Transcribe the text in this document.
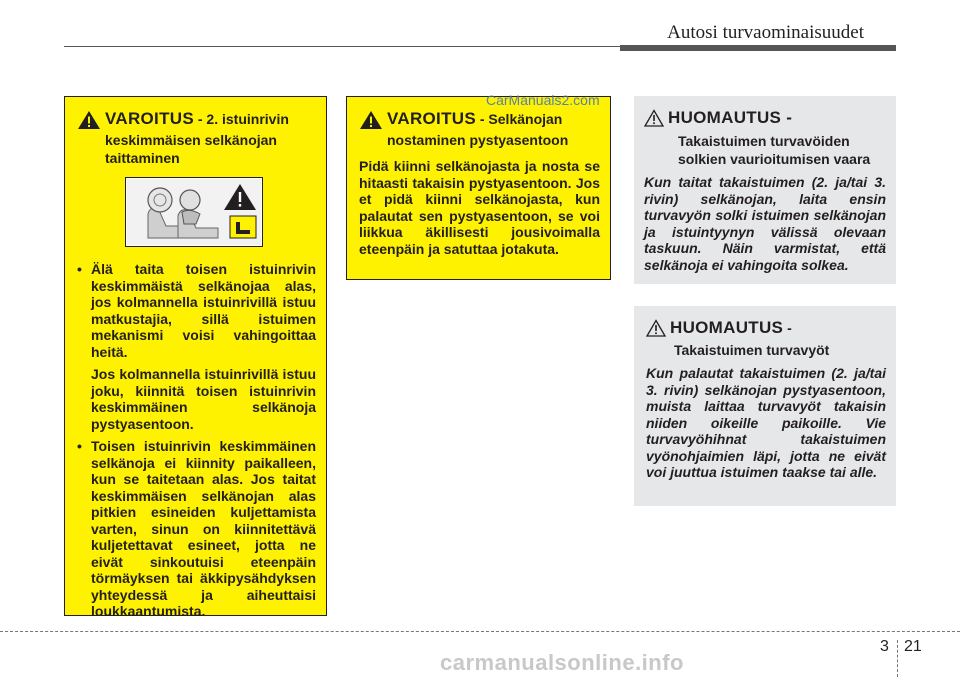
Autosi turvaominaisuudet
VAROITUS - 2. istuinrivin
keskimmäisen selkänojan
taittaminen
• Älä taita toisen istuinrivin keskimmäistä selkänojaa alas, jos kolmannella istuinrivillä istuu matkustajia, sillä istuimen mekanismi voisi vahingoittaa heitä.
Jos kolmannella istuinrivillä istuu joku, kiinnitä toisen istuinrivin keskimmäinen selkänoja pystyasentoon.
• Toisen istuinrivin keskimmäinen selkänoja ei kiinnity paikalleen, kun se taitetaan alas. Jos taitat keskimmäisen selkänojan alas pitkien esineiden kuljettamista varten, sinun on kiinnitettävä kuljetettavat esineet, jotta ne eivät sinkoutuisi eteenpäin törmäyksen tai äkkipysähdyksen yhteydessä ja aiheuttaisi loukkaantumista.
VAROITUS - Selkänojan
nostaminen pystyasentoon
Pidä kiinni selkänojasta ja nosta se hitaasti takaisin pystyasentoon. Jos et pidä kiinni selkänojasta, kun palautat sen pystyasentoon, se voi liikkua äkillisesti jousivoimalla eteenpäin ja satuttaa jotakuta.
HUOMAUTUS -
Takaistuimen turvavöiden
solkien vaurioitumisen vaara
Kun taitat takaistuimen (2. ja/tai 3. rivin) selkänojan, laita ensin turvavyön solki istuimen selkänojan ja istuintyynyn välissä olevaan taskuun. Näin varmistat, että selkänoja ei vahingoita solkea.
HUOMAUTUS -
Takaistuimen turvavyöt
Kun palautat takaistuimen (2. ja/tai 3. rivin) selkänojan pystyasentoon, muista laittaa turvavyöt takaisin niiden oikeille paikoille. Vie turvavyöhihnat takaistuimen vyönohjaimien läpi, jotta ne eivät voi juuttua istuimen taakse tai alle.
CarManuals2.com
carmanualsonline.info
3 21
